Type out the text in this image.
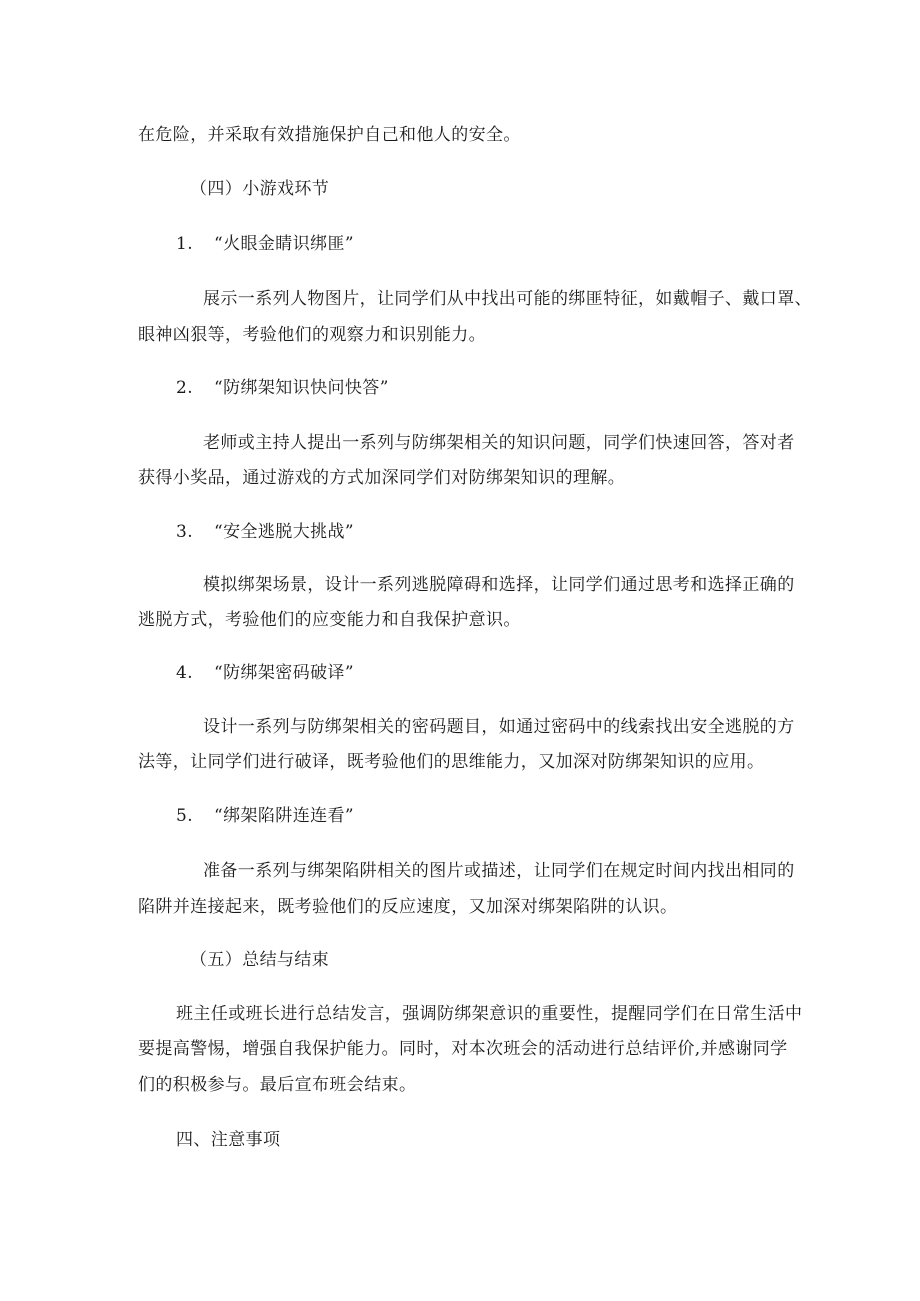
在危险，并采取有效措施保护自己和他人的安全。

（四）小游戏环节

1. “火眼金睛识绑匪”

展示一系列人物图片，让同学们从中找出可能的绑匪特征，如戴帽子、戴口罩、

眼神凶狠等，考验他们的观察力和识别能力。

2. “防绑架知识快问快答”

老师或主持人提出一系列与防绑架相关的知识问题，同学们快速回答，答对者

获得小奖品，通过游戏的方式加深同学们对防绑架知识的理解。

3. “安全逃脱大挑战”

模拟绑架场景，设计一系列逃脱障碍和选择，让同学们通过思考和选择正确的

逃脱方式，考验他们的应变能力和自我保护意识。

4. “防绑架密码破译”

设计一系列与防绑架相关的密码题目，如通过密码中的线索找出安全逃脱的方

法等，让同学们进行破译，既考验他们的思维能力，又加深对防绑架知识的应用。

5. “绑架陷阱连连看”

准备一系列与绑架陷阱相关的图片或描述，让同学们在规定时间内找出相同的

陷阱并连接起来，既考验他们的反应速度，又加深对绑架陷阱的认识。

（五）总结与结束

班主任或班长进行总结发言，强调防绑架意识的重要性，提醒同学们在日常生活中

要提高警惕，增强自我保护能力。同时，对本次班会的活动进行总结评价,并感谢同学

们的积极参与。最后宣布班会结束。

四、注意事项
